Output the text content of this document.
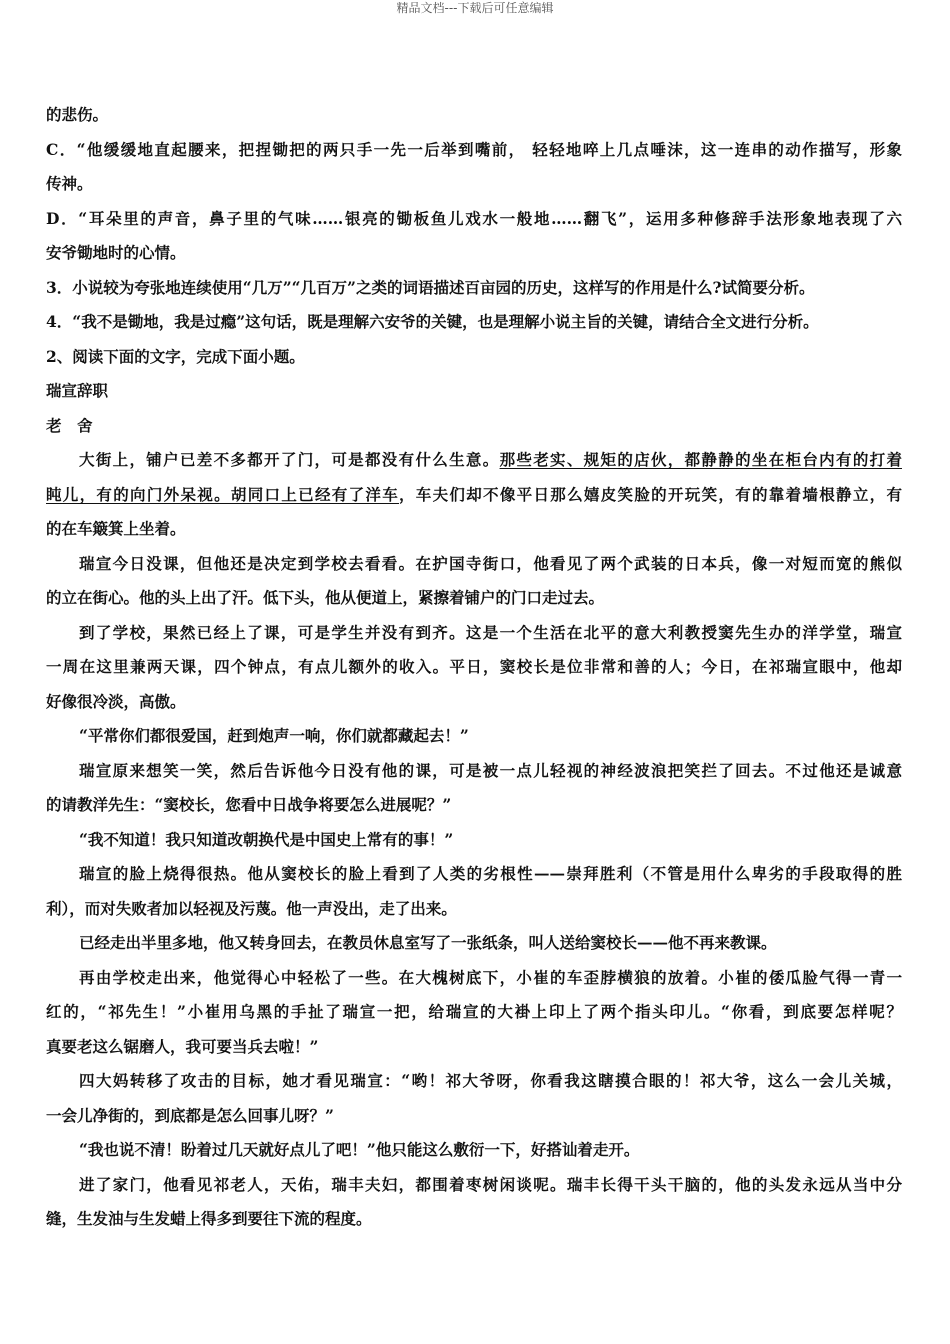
精品文档---下载后可任意编辑
的悲伤。
C．“他缓缓地直起腰来，把捏锄把的两只手一先一后举到嘴前， 轻轻地啐上几点唾沫，这一连串的动作描写，形象
传神。
D．“耳朵里的声音，鼻子里的气味……银亮的锄板鱼儿戏水一般地……翻飞”，运用多种修辞手法形象地表现了六
安爷锄地时的心情。
3．小说较为夸张地连续使用“几万”“几百万”之类的词语描述百亩园的历史，这样写的作用是什么?试简要分析。
4．“我不是锄地，我是过瘾”这句话，既是理解六安爷的关键，也是理解小说主旨的关键，请结合全文进行分析。
2、阅读下面的文字，完成下面小题。
瑞宣辞职
老　舍
大街上，铺户已差不多都开了门，可是都没有什么生意。那些老实、规矩的店伙，都静静的坐在柜台内有的打着
盹儿，有的向门外呆视。胡同口上已经有了洋车，车夫们却不像平日那么嬉皮笑脸的开玩笑，有的靠着墙根静立，有
的在车簸箕上坐着。
瑞宣今日没课，但他还是决定到学校去看看。在护国寺街口，他看见了两个武装的日本兵，像一对短而宽的熊似
的立在街心。他的头上出了汗。低下头，他从便道上，紧擦着铺户的门口走过去。
到了学校，果然已经上了课，可是学生并没有到齐。这是一个生活在北平的意大利教授窦先生办的洋学堂，瑞宣
一周在这里兼两天课，四个钟点，有点儿额外的收入。平日，窦校长是位非常和善的人；今日，在祁瑞宣眼中，他却
好像很冷淡，高傲。
“平常你们都很爱国，赶到炮声一响，你们就都藏起去！”
瑞宣原来想笑一笑，然后告诉他今日没有他的课，可是被一点儿轻视的神经波浪把笑拦了回去。不过他还是诚意
的请教洋先生：“窦校长，您看中日战争将要怎么进展呢？”
“我不知道！我只知道改朝换代是中国史上常有的事！”
瑞宣的脸上烧得很热。他从窦校长的脸上看到了人类的劣根性——崇拜胜利（不管是用什么卑劣的手段取得的胜
利），而对失败者加以轻视及污蔑。他一声没出，走了出来。
已经走出半里多地，他又转身回去，在教员休息室写了一张纸条，叫人送给窦校长——他不再来教课。
再由学校走出来，他觉得心中轻松了一些。在大槐树底下，小崔的车歪脖横狼的放着。小崔的倭瓜脸气得一青一
红的，“祁先生！”小崔用乌黑的手扯了瑞宣一把，给瑞宣的大褂上印上了两个指头印儿。“你看，到底要怎样呢？
真要老这么锯磨人，我可要当兵去啦！”
四大妈转移了攻击的目标，她才看见瑞宣：“哟！祁大爷呀，你看我这瞎摸合眼的！祁大爷，这么一会儿关城，
一会儿净街的，到底都是怎么回事儿呀？”
“我也说不清！盼着过几天就好点儿了吧！”他只能这么敷衍一下，好搭讪着走开。
进了家门，他看见祁老人，天佑，瑞丰夫妇，都围着枣树闲谈呢。瑞丰长得干头干脑的，他的头发永远从当中分
缝，生发油与生发蜡上得多到要往下流的程度。
